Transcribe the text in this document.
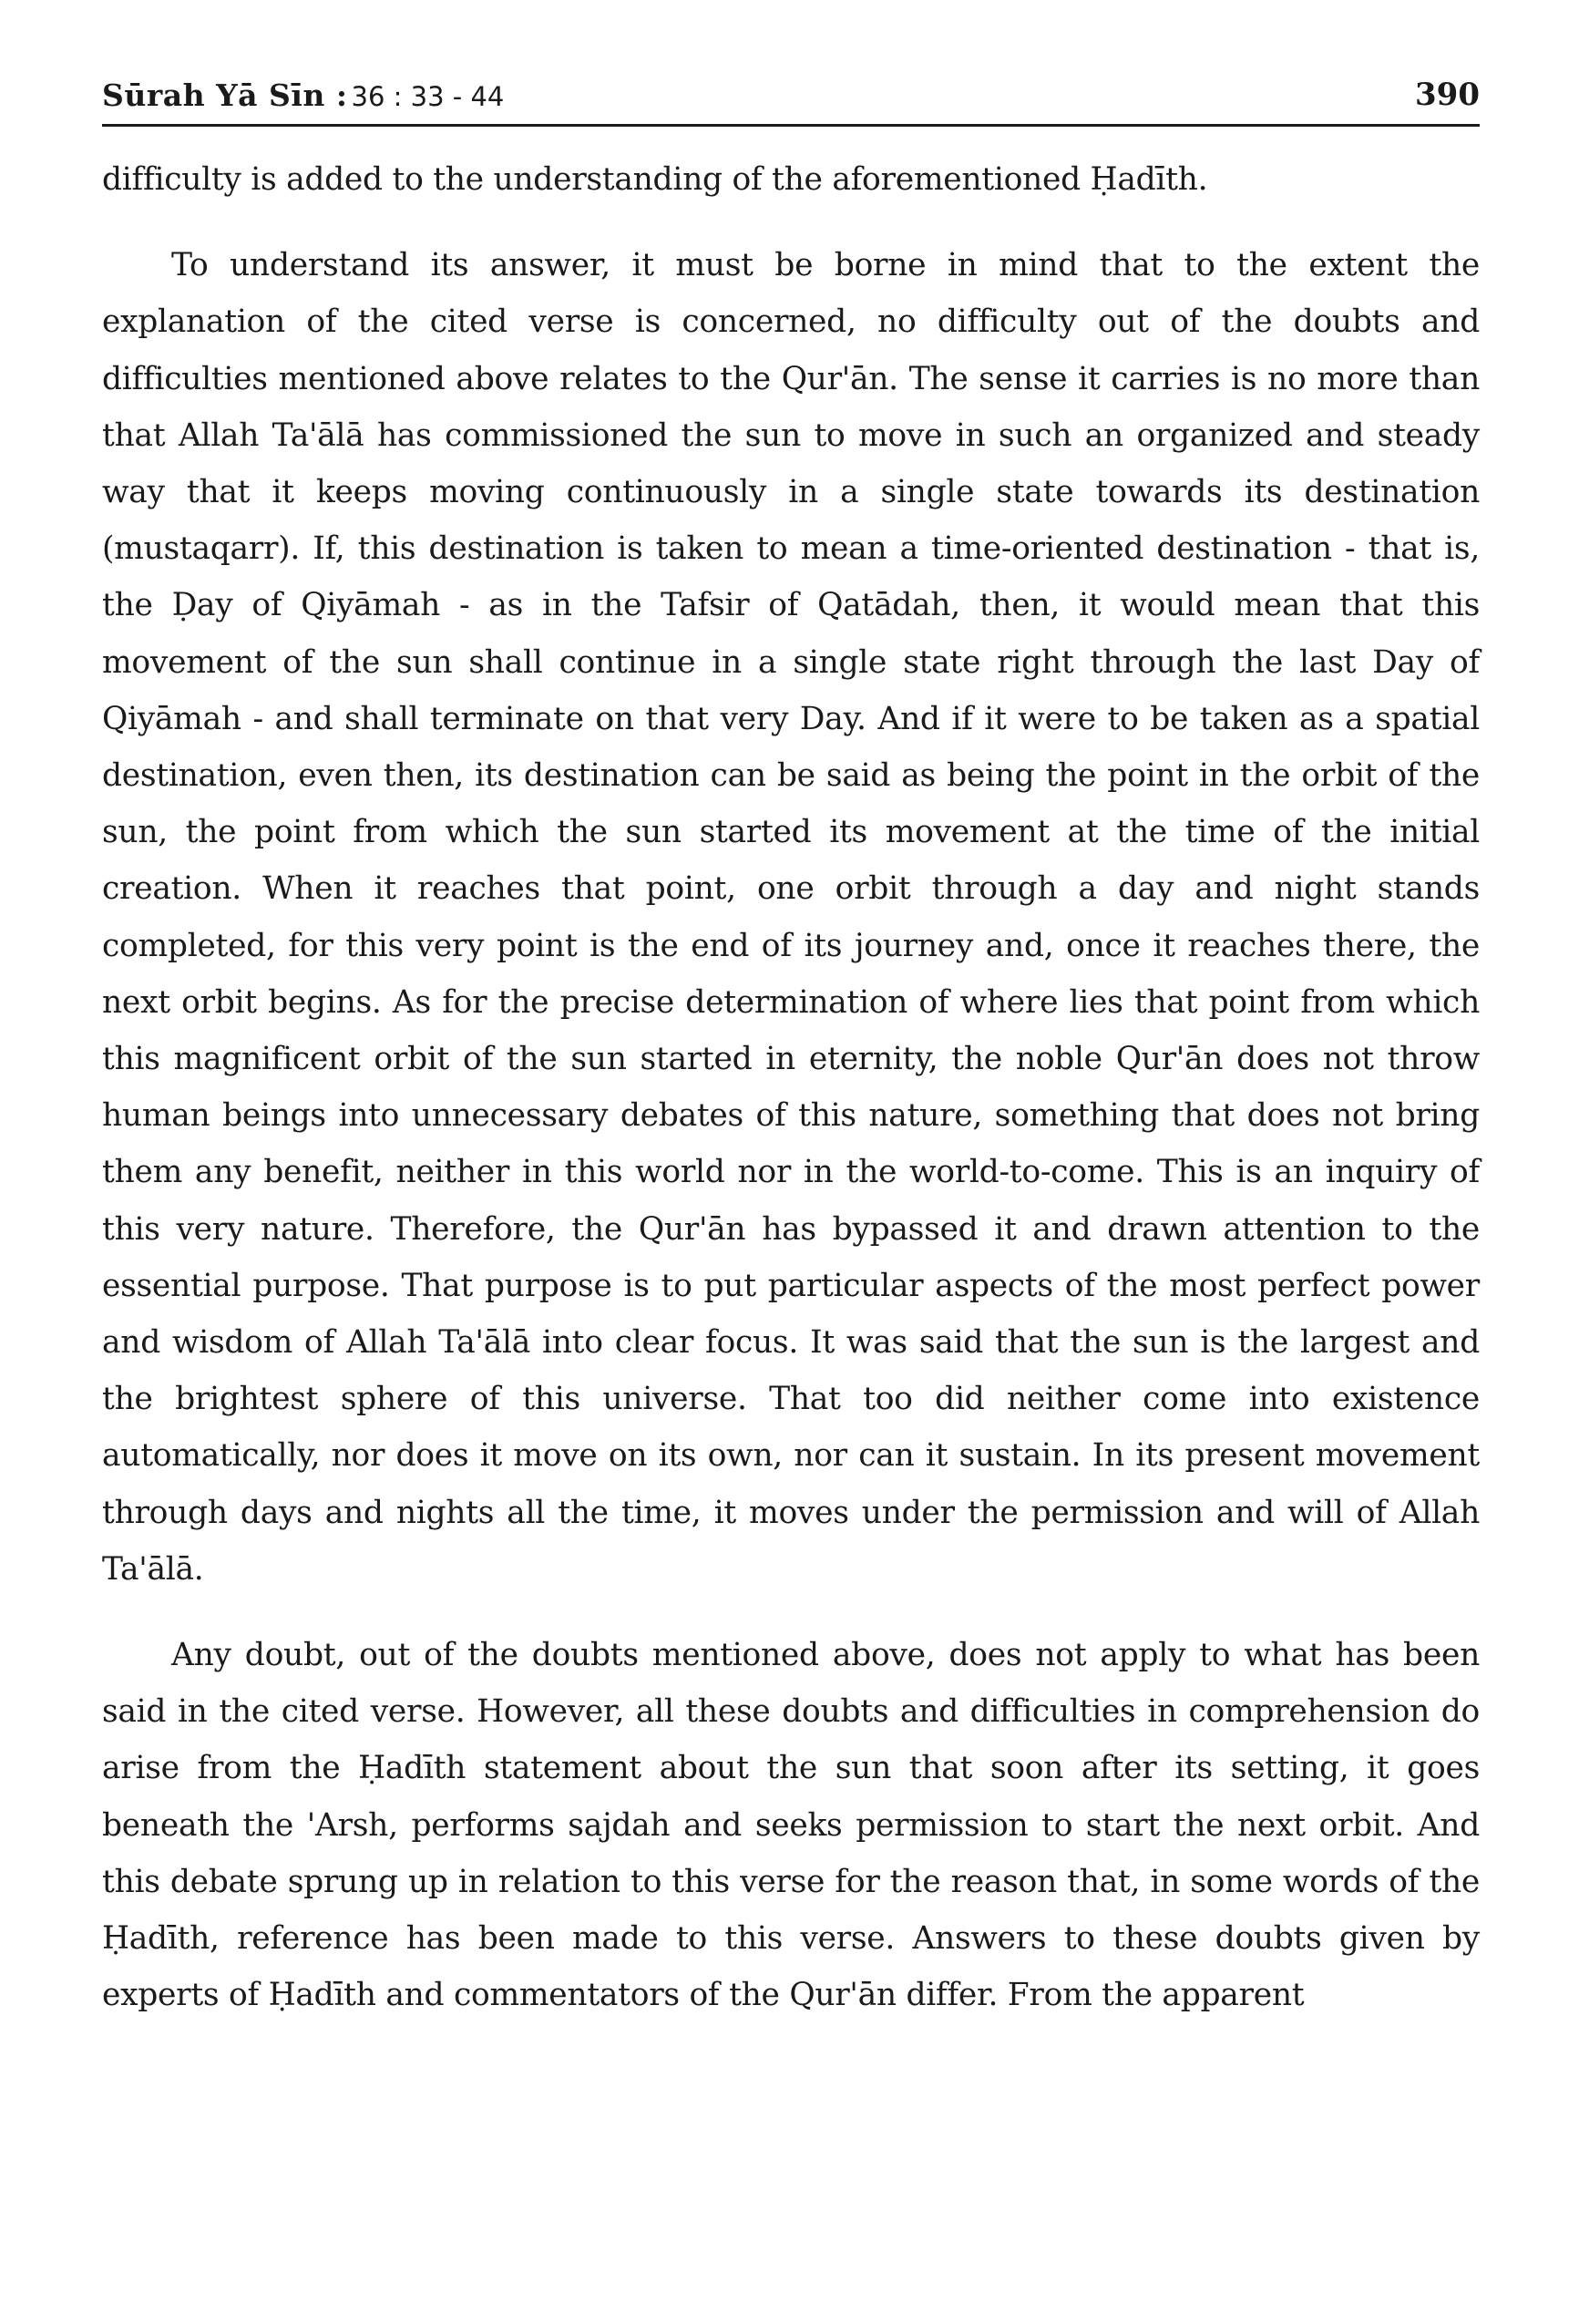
Sūrah Yā Sīn : 36 : 33 - 44	390

difficulty is added to the understanding of the aforementioned Ḥadīth.

To understand its answer, it must be borne in mind that to the extent the explanation of the cited verse is concerned, no difficulty out of the doubts and difficulties mentioned above relates to the Qur'ān. The sense it carries is no more than that Allah Ta'ālā has commissioned the sun to move in such an organized and steady way that it keeps moving continuously in a single state towards its destination (mustaqarr). If, this destination is taken to mean a time-oriented destination - that is, the Ḍay of Qiyāmah - as in the Tafsir of Qatādah, then, it would mean that this movement of the sun shall continue in a single state right through the last Day of Qiyāmah - and shall terminate on that very Day. And if it were to be taken as a spatial destination, even then, its destination can be said as being the point in the orbit of the sun, the point from which the sun started its movement at the time of the initial creation. When it reaches that point, one orbit through a day and night stands completed, for this very point is the end of its journey and, once it reaches there, the next orbit begins. As for the precise determination of where lies that point from which this magnificent orbit of the sun started in eternity, the noble Qur'ān does not throw human beings into unnecessary debates of this nature, something that does not bring them any benefit, neither in this world nor in the world-to-come. This is an inquiry of this very nature. Therefore, the Qur'ān has bypassed it and drawn attention to the essential purpose. That purpose is to put particular aspects of the most perfect power and wisdom of Allah Ta'ālā into clear focus. It was said that the sun is the largest and the brightest sphere of this universe. That too did neither come into existence automatically, nor does it move on its own, nor can it sustain. In its present movement through days and nights all the time, it moves under the permission and will of Allah Ta'ālā.

Any doubt, out of the doubts mentioned above, does not apply to what has been said in the cited verse. However, all these doubts and difficulties in comprehension do arise from the Ḥadīth statement about the sun that soon after its setting, it goes beneath the 'Arsh, performs sajdah and seeks permission to start the next orbit. And this debate sprung up in relation to this verse for the reason that, in some words of the Ḥadīth, reference has been made to this verse. Answers to these doubts given by experts of Ḥadīth and commentators of the Qur'ān differ. From the apparent
